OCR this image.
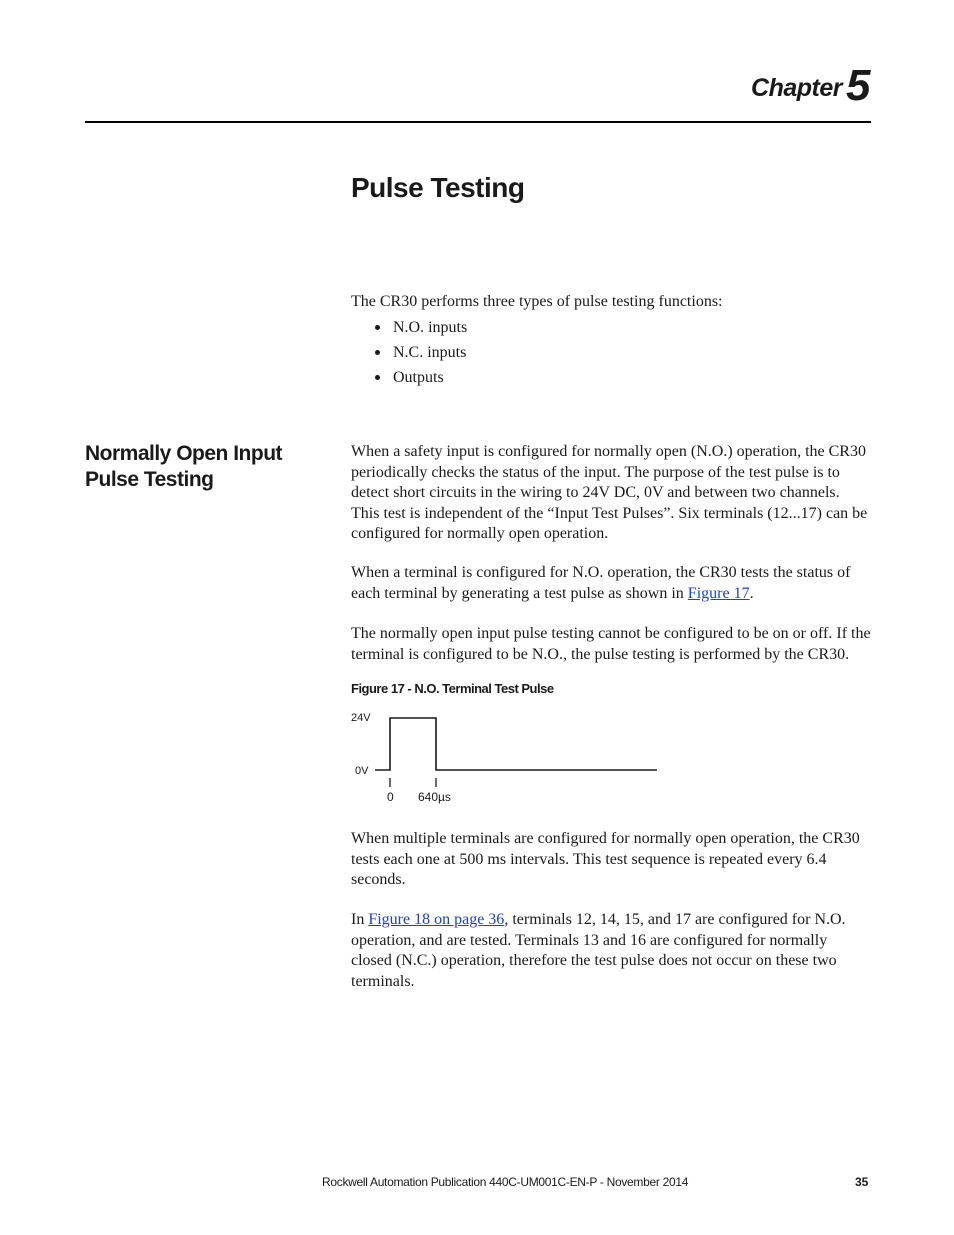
Chapter 5
Pulse Testing
The CR30 performs three types of pulse testing functions:
N.O. inputs
N.C. inputs
Outputs
Normally Open Input Pulse Testing
When a safety input is configured for normally open (N.O.) operation, the CR30 periodically checks the status of the input. The purpose of the test pulse is to detect short circuits in the wiring to 24V DC, 0V and between two channels. This test is independent of the “Input Test Pulses”. Six terminals (12...17) can be configured for normally open operation.
When a terminal is configured for N.O. operation, the CR30 tests the status of each terminal by generating a test pulse as shown in Figure 17.
The normally open input pulse testing cannot be configured to be on or off. If the terminal is configured to be N.O., the pulse testing is performed by the CR30.
Figure 17 - N.O. Terminal Test Pulse
24V
0V
0 640µs
When multiple terminals are configured for normally open operation, the CR30 tests each one at 500 ms intervals. This test sequence is repeated every 6.4 seconds.
In Figure 18 on page 36, terminals 12, 14, 15, and 17 are configured for N.O. operation, and are tested. Terminals 13 and 16 are configured for normally closed (N.C.) operation, therefore the test pulse does not occur on these two terminals.
Rockwell Automation Publication 440C-UM001C-EN-P - November 2014	35
